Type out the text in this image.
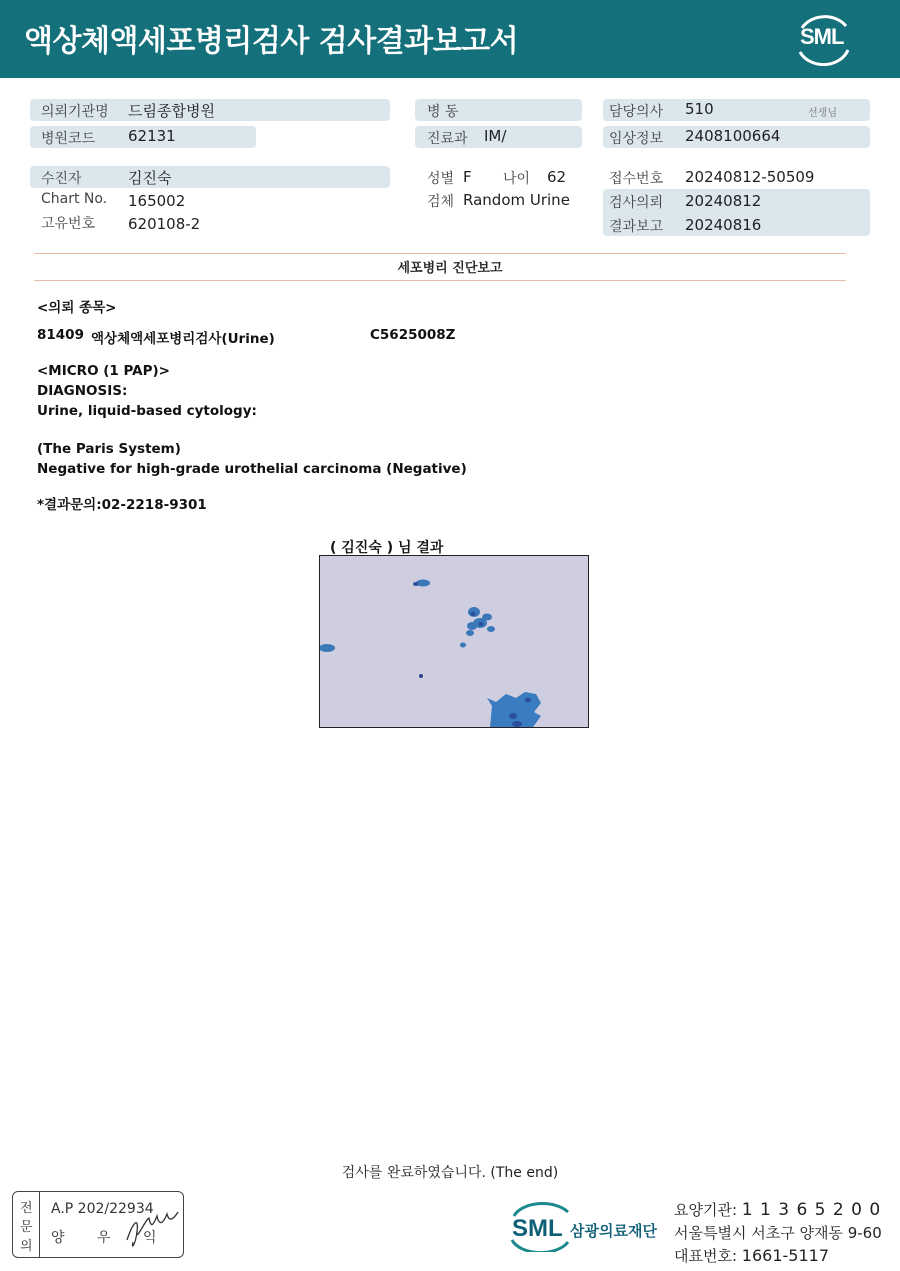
액상체액세포병리검사 검사결과보고서	SML
의뢰기관명 드림종합병원
병원코드 62131
병 동
진료과 IM/
담당의사 510	선생님
임상정보 2408100664
수진자	김진숙
Chart No. 165002
고유번호 620108-2
성별 F 나이 62
검체 Random Urine
접수번호 20240812-50509
검사의뢰 20240812
결과보고 20240816
세포병리 진단보고
<의뢰 종목>
81409 액상체액세포병리검사(Urine)	C5625008Z
<MICRO (1 PAP)>
DIAGNOSIS:
Urine, liquid-based cytology:
(The Paris System)
Negative for high-grade urothelial carcinoma (Negative)
*결과문의:02-2218-9301
( 김진숙 ) 님 결과
검사를 완료하였습니다. (The end)
전
문
의
A.P 202/22934
양 우 익	SML 삼광의료재단
요양기관: 1 1 3 6 5 2 0 0
서울특별시 서초구 양재동 9-60
대표번호: 1661-5117
